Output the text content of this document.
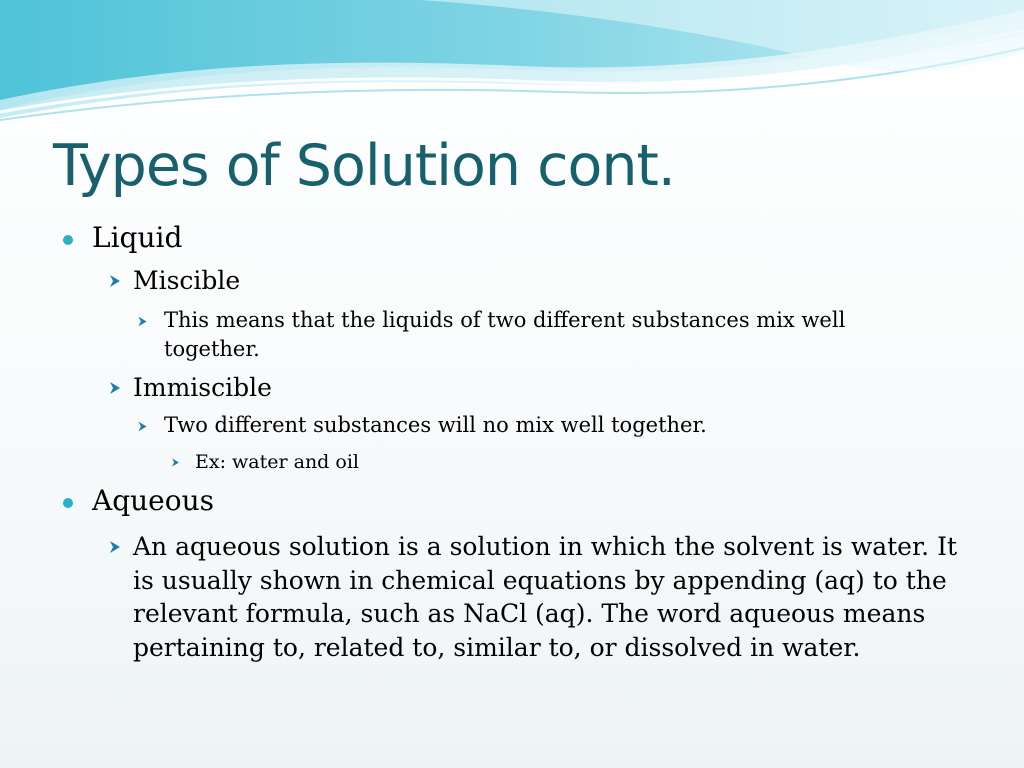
Types of Solution cont.
Liquid
Miscible
This means that the liquids of two different substances mix well together.
Immiscible
Two different substances will no mix well together.
Ex: water and oil
Aqueous
An aqueous solution is a solution in which the solvent is water. It is usually shown in chemical equations by appending (aq) to the relevant formula, such as NaCl (aq). The word aqueous means pertaining to, related to, similar to, or dissolved in water.
